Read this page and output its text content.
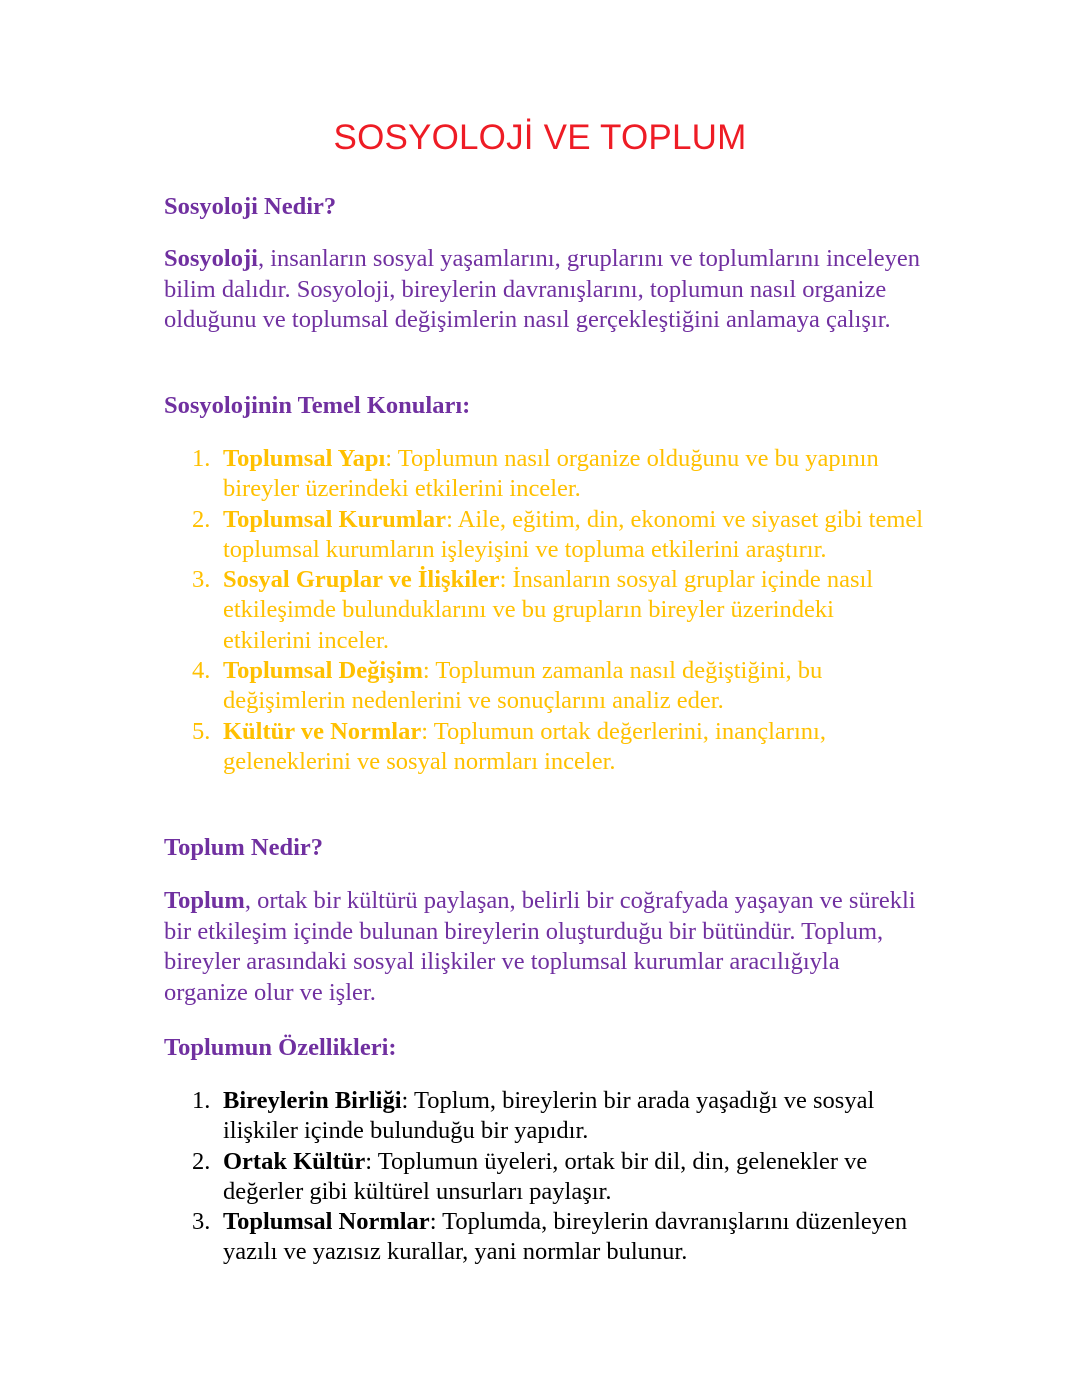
SOSYOLOJİ VE TOPLUM
Sosyoloji Nedir?

Sosyoloji, insanların sosyal yaşamlarını, gruplarını ve toplumlarını inceleyen bilim dalıdır. Sosyoloji, bireylerin davranışlarını, toplumun nasıl organize olduğunu ve toplumsal değişimlerin nasıl gerçekleştiğini anlamaya çalışır.

Sosyolojinin Temel Konuları:
1. Toplumsal Yapı: Toplumun nasıl organize olduğunu ve bu yapının bireyler üzerindeki etkilerini inceler.
2. Toplumsal Kurumlar: Aile, eğitim, din, ekonomi ve siyaset gibi temel toplumsal kurumların işleyişini ve topluma etkilerini araştırır.
3. Sosyal Gruplar ve İlişkiler: İnsanların sosyal gruplar içinde nasıl etkileşimde bulunduklarını ve bu grupların bireyler üzerindeki etkilerini inceler.
4. Toplumsal Değişim: Toplumun zamanla nasıl değiştiğini, bu değişimlerin nedenlerini ve sonuçlarını analiz eder.
5. Kültür ve Normlar: Toplumun ortak değerlerini, inançlarını, geleneklerini ve sosyal normları inceler.
Toplum Nedir?

Toplum, ortak bir kültürü paylaşan, belirli bir coğrafyada yaşayan ve sürekli bir etkileşim içinde bulunan bireylerin oluşturduğu bir bütündür. Toplum, bireyler arasındaki sosyal ilişkiler ve toplumsal kurumlar aracılığıyla organize olur ve işler.

Toplumun Özellikleri:
1. Bireylerin Birliği: Toplum, bireylerin bir arada yaşadığı ve sosyal ilişkiler içinde bulunduğu bir yapıdır.
2. Ortak Kültür: Toplumun üyeleri, ortak bir dil, din, gelenekler ve değerler gibi kültürel unsurları paylaşır.
3. Toplumsal Normlar: Toplumda, bireylerin davranışlarını düzenleyen yazılı ve yazısız kurallar, yani normlar bulunur.
